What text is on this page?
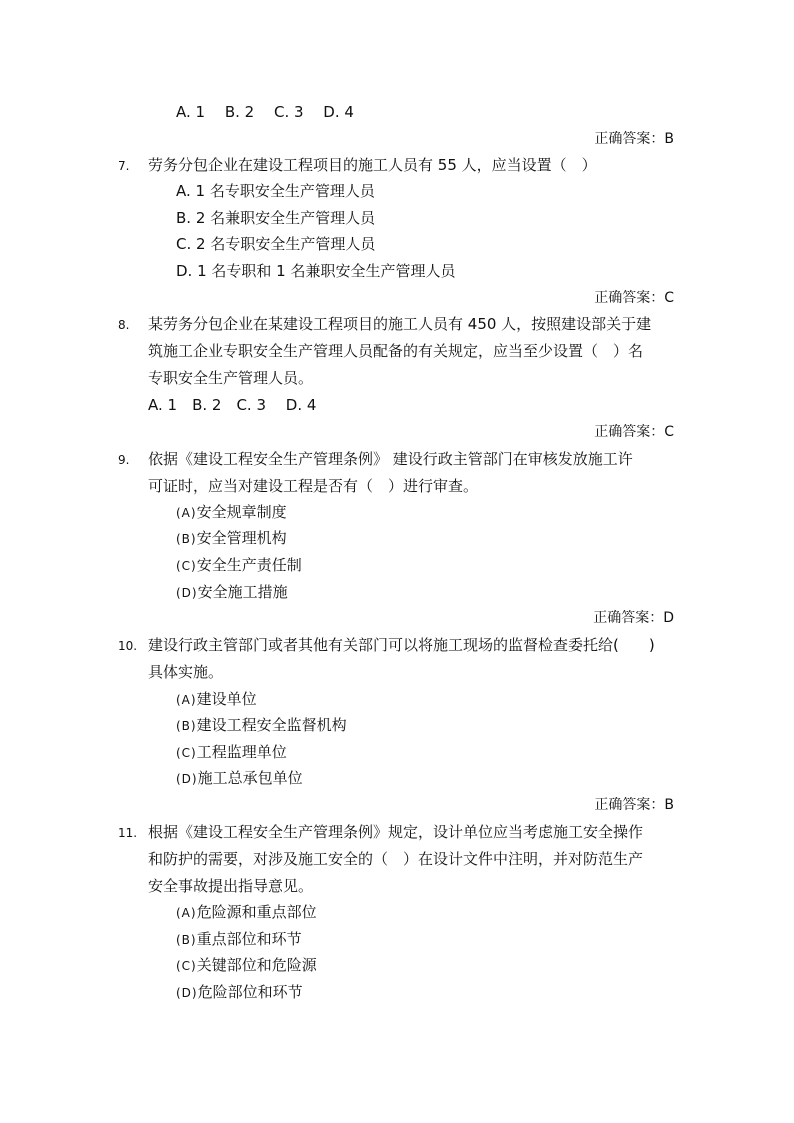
A. 1　 B. 2　 C. 3　 D. 4
正确答案：B
7. 劳务分包企业在建设工程项目的施工人员有 55 人，应当设置（　）
A. 1 名专职安全生产管理人员
B. 2 名兼职安全生产管理人员
C. 2 名专职安全生产管理人员
D. 1 名专职和 1 名兼职安全生产管理人员
正确答案：C
8. 某劳务分包企业在某建设工程项目的施工人员有 450 人，按照建设部关于建
筑施工企业专职安全生产管理人员配备的有关规定，应当至少设置（　）名
专职安全生产管理人员。
A. 1　B. 2　C. 3　 D. 4
正确答案：C
9. 依据《建设工程安全生产管理条例》 建设行政主管部门在审核发放施工许
可证时，应当对建设工程是否有（　）进行审查。
(A)安全规章制度
(B)安全管理机构
(C)安全生产责任制
(D)安全施工措施
正确答案：D
10. 建设行政主管部门或者其他有关部门可以将施工现场的监督检查委托给(　　)
具体实施。
(A)建设单位
(B)建设工程安全监督机构
(C)工程监理单位
(D)施工总承包单位
正确答案：B
11. 根据《建设工程安全生产管理条例》规定，设计单位应当考虑施工安全操作
和防护的需要，对涉及施工安全的（　）在设计文件中注明，并对防范生产
安全事故提出指导意见。
(A)危险源和重点部位
(B)重点部位和环节
(C)关键部位和危险源
(D)危险部位和环节
